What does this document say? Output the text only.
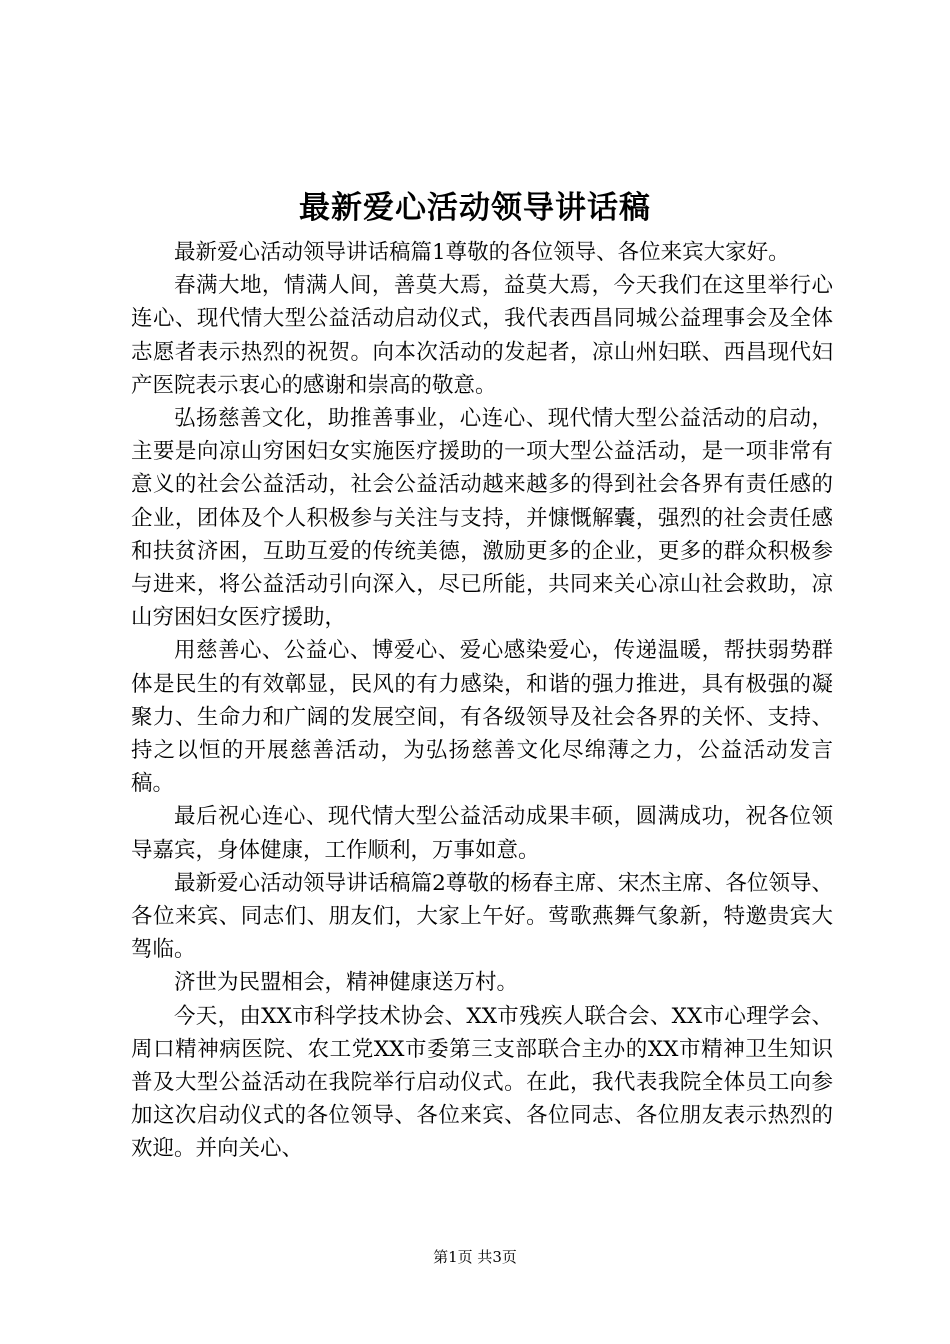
最新爱心活动领导讲话稿

最新爱心活动领导讲话稿篇1尊敬的各位领导、各位来宾大家好。

春满大地，情满人间，善莫大焉，益莫大焉，今天我们在这里举行心连心、现代情大型公益活动启动仪式，我代表西昌同城公益理事会及全体志愿者表示热烈的祝贺。向本次活动的发起者，凉山州妇联、西昌现代妇产医院表示衷心的感谢和崇高的敬意。

弘扬慈善文化，助推善事业，心连心、现代情大型公益活动的启动，主要是向凉山穷困妇女实施医疗援助的一项大型公益活动，是一项非常有意义的社会公益活动，社会公益活动越来越多的得到社会各界有责任感的企业，团体及个人积极参与关注与支持，并慷慨解囊，强烈的社会责任感和扶贫济困，互助互爱的传统美德，激励更多的企业，更多的群众积极参与进来，将公益活动引向深入，尽已所能，共同来关心凉山社会救助，凉山穷困妇女医疗援助，

用慈善心、公益心、博爱心、爱心感染爱心，传递温暖，帮扶弱势群体是民生的有效鄣显，民风的有力感染，和谐的强力推进，具有极强的凝聚力、生命力和广阔的发展空间，有各级领导及社会各界的关怀、支持、持之以恒的开展慈善活动，为弘扬慈善文化尽绵薄之力，公益活动发言稿。

最后祝心连心、现代情大型公益活动成果丰硕，圆满成功，祝各位领导嘉宾，身体健康，工作顺利，万事如意。

最新爱心活动领导讲话稿篇2尊敬的杨春主席、宋杰主席、各位领导、各位来宾、同志们、朋友们，大家上午好。莺歌燕舞气象新，特邀贵宾大驾临。

济世为民盟相会，精神健康送万村。

今天，由XX市科学技术协会、XX市残疾人联合会、XX市心理学会、周口精神病医院、农工党XX市委第三支部联合主办的XX市精神卫生知识普及大型公益活动在我院举行启动仪式。在此，我代表我院全体员工向参加这次启动仪式的各位领导、各位来宾、各位同志、各位朋友表示热烈的欢迎。并向关心、

第1页 共3页
